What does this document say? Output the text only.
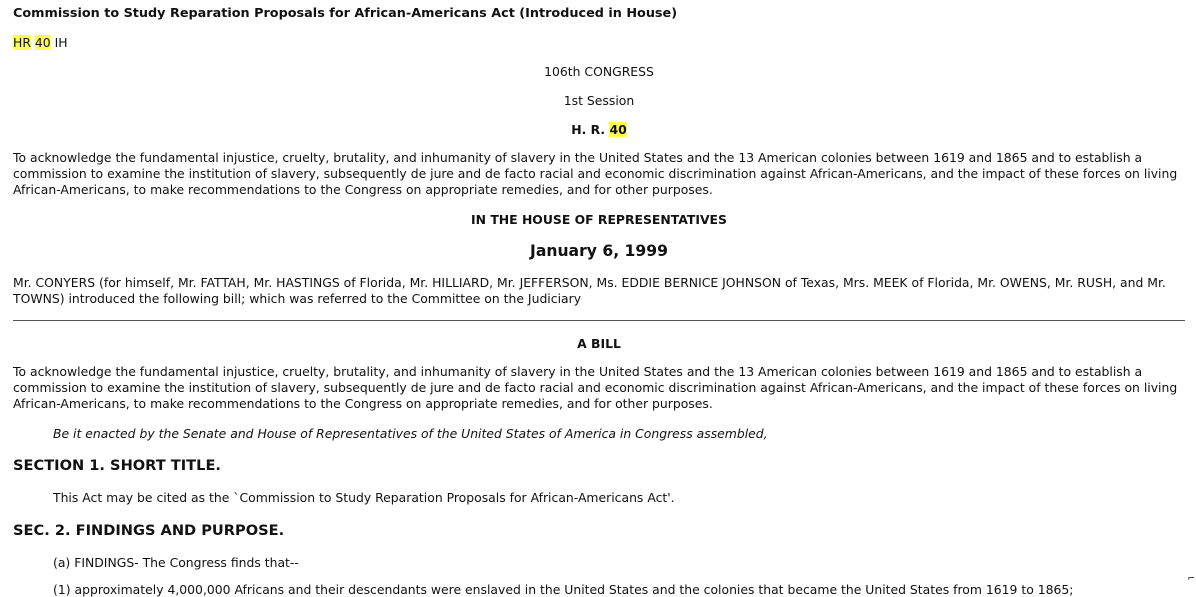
Commission to Study Reparation Proposals for African-Americans Act (Introduced in House)
HR 40 IH
106th CONGRESS
1st Session
H. R. 40
To acknowledge the fundamental injustice, cruelty, brutality, and inhumanity of slavery in the United States and the 13 American colonies between 1619 and 1865 and to establish a commission to examine the institution of slavery, subsequently de jure and de facto racial and economic discrimination against African-Americans, and the impact of these forces on living African-Americans, to make recommendations to the Congress on appropriate remedies, and for other purposes.
IN THE HOUSE OF REPRESENTATIVES
January 6, 1999
Mr. CONYERS (for himself, Mr. FATTAH, Mr. HASTINGS of Florida, Mr. HILLIARD, Mr. JEFFERSON, Ms. EDDIE BERNICE JOHNSON of Texas, Mrs. MEEK of Florida, Mr. OWENS, Mr. RUSH, and Mr. TOWNS) introduced the following bill; which was referred to the Committee on the Judiciary
A BILL
To acknowledge the fundamental injustice, cruelty, brutality, and inhumanity of slavery in the United States and the 13 American colonies between 1619 and 1865 and to establish a commission to examine the institution of slavery, subsequently de jure and de facto racial and economic discrimination against African-Americans, and the impact of these forces on living African-Americans, to make recommendations to the Congress on appropriate remedies, and for other purposes.
Be it enacted by the Senate and House of Representatives of the United States of America in Congress assembled,
SECTION 1. SHORT TITLE.
This Act may be cited as the `Commission to Study Reparation Proposals for African-Americans Act'.
SEC. 2. FINDINGS AND PURPOSE.
(a) FINDINGS- The Congress finds that--
(1) approximately 4,000,000 Africans and their descendants were enslaved in the United States and the colonies that became the United States from 1619 to 1865;
⌐
